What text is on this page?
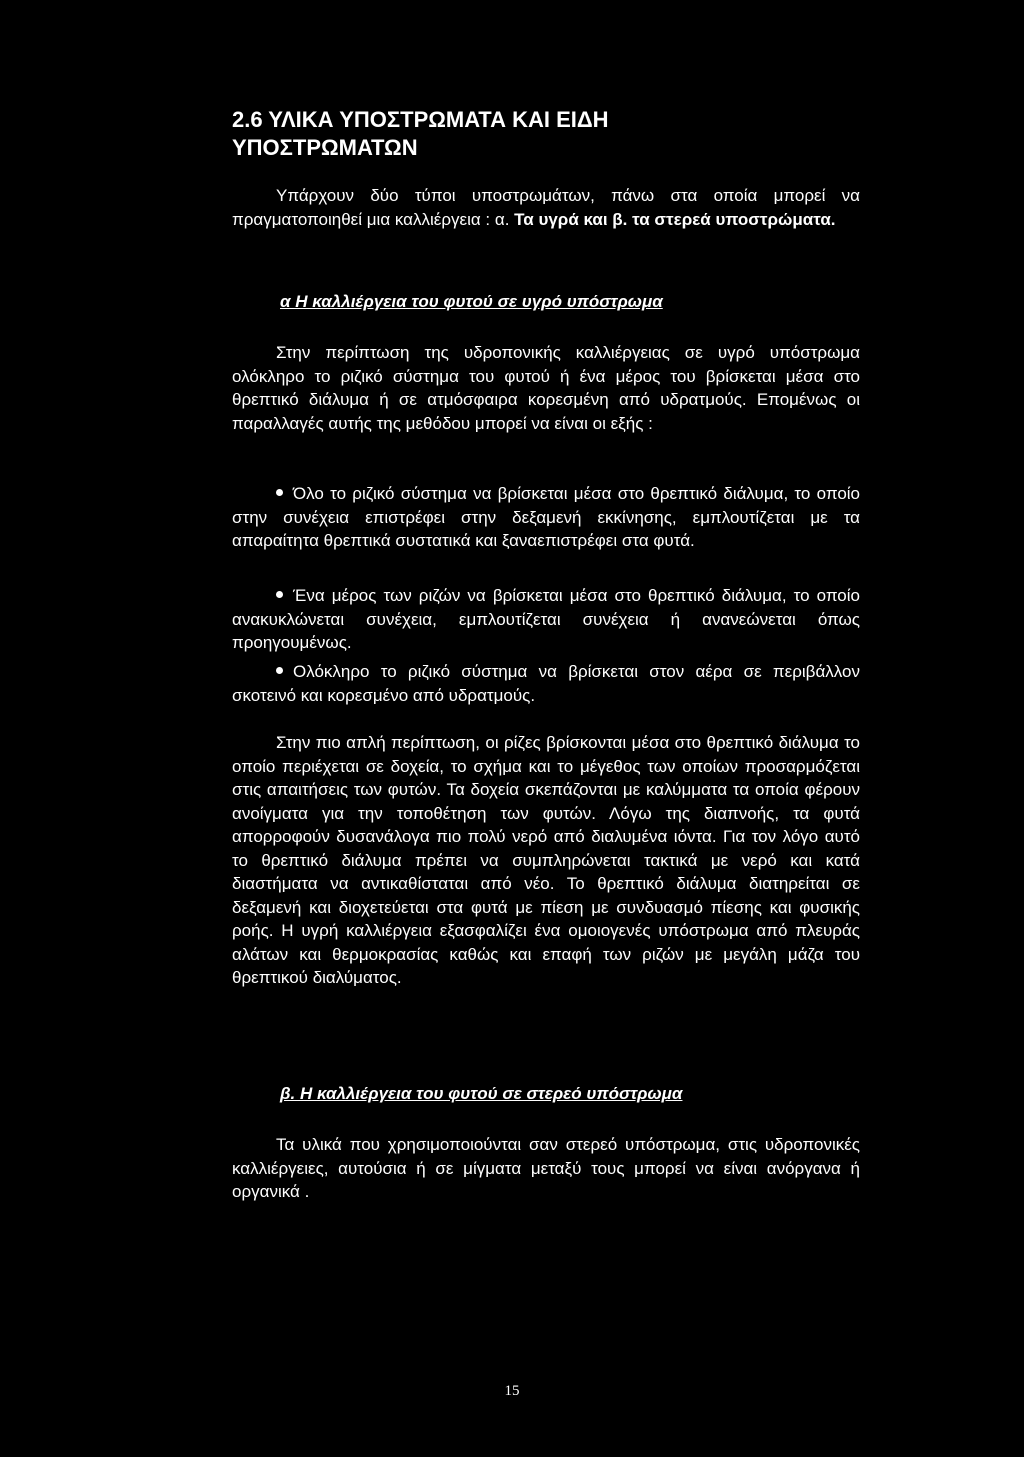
2.6 ΥΛΙΚΑ ΥΠΟΣΤΡΩΜΑΤΑ ΚΑΙ ΕΙΔΗ
ΥΠΟΣΤΡΩΜΑΤΩΝ

Υπάρχουν δύο τύποι υποστρωμάτων, πάνω στα οποία μπορεί να πραγματοποιηθεί μια καλλιέργεια : α. Τα υγρά και β. τα στερεά υποστρώματα.

α Η καλλιέργεια του φυτού σε υγρό υπόστρωμα

Στην περίπτωση της υδροπονικής καλλιέργειας σε υγρό υπόστρωμα ολόκληρο το ριζικό σύστημα του φυτού ή ένα μέρος του βρίσκεται μέσα στο θρεπτικό διάλυμα ή σε ατμόσφαιρα κορεσμένη από υδρατμούς. Επομένως οι παραλλαγές αυτής της μεθόδου μπορεί να είναι οι εξής :

Όλο το ριζικό σύστημα να βρίσκεται μέσα στο θρεπτικό διάλυμα, το οποίο στην συνέχεια επιστρέφει στην δεξαμενή εκκίνησης, εμπλουτίζεται με τα απαραίτητα θρεπτικά συστατικά και ξαναεπιστρέφει στα φυτά.

Ένα μέρος των ριζών να βρίσκεται μέσα στο θρεπτικό διάλυμα, το οποίο ανακυκλώνεται συνέχεια, εμπλουτίζεται συνέχεια ή ανανεώνεται όπως προηγουμένως.

Ολόκληρο το ριζικό σύστημα να βρίσκεται στον αέρα σε περιβάλλον σκοτεινό και κορεσμένο από υδρατμούς.

Στην πιο απλή περίπτωση, οι ρίζες βρίσκονται μέσα στο θρεπτικό διάλυμα το οποίο περιέχεται σε δοχεία, το σχήμα και το μέγεθος των οποίων προσαρμόζεται στις απαιτήσεις των φυτών. Τα δοχεία σκεπάζονται με καλύμματα τα οποία φέρουν ανοίγματα για την τοποθέτηση των φυτών. Λόγω της διαπνοής, τα φυτά απορροφούν δυσανάλογα πιο πολύ νερό από διαλυμένα ιόντα. Για τον λόγο αυτό το θρεπτικό διάλυμα πρέπει να συμπληρώνεται τακτικά με νερό και κατά διαστήματα να αντικαθίσταται από νέο. Το θρεπτικό διάλυμα διατηρείται σε δεξαμενή και διοχετεύεται στα φυτά με πίεση με συνδυασμό πίεσης και φυσικής ροής. Η υγρή καλλιέργεια εξασφαλίζει ένα ομοιογενές υπόστρωμα από πλευράς αλάτων και θερμοκρασίας καθώς και επαφή των ριζών με μεγάλη μάζα του θρεπτικού διαλύματος.

β. Η καλλιέργεια του φυτού σε στερεό υπόστρωμα

Τα υλικά που χρησιμοποιούνται σαν στερεό υπόστρωμα, στις υδροπονικές καλλιέργειες, αυτούσια ή σε μίγματα μεταξύ τους μπορεί να είναι ανόργανα ή οργανικά .

15
